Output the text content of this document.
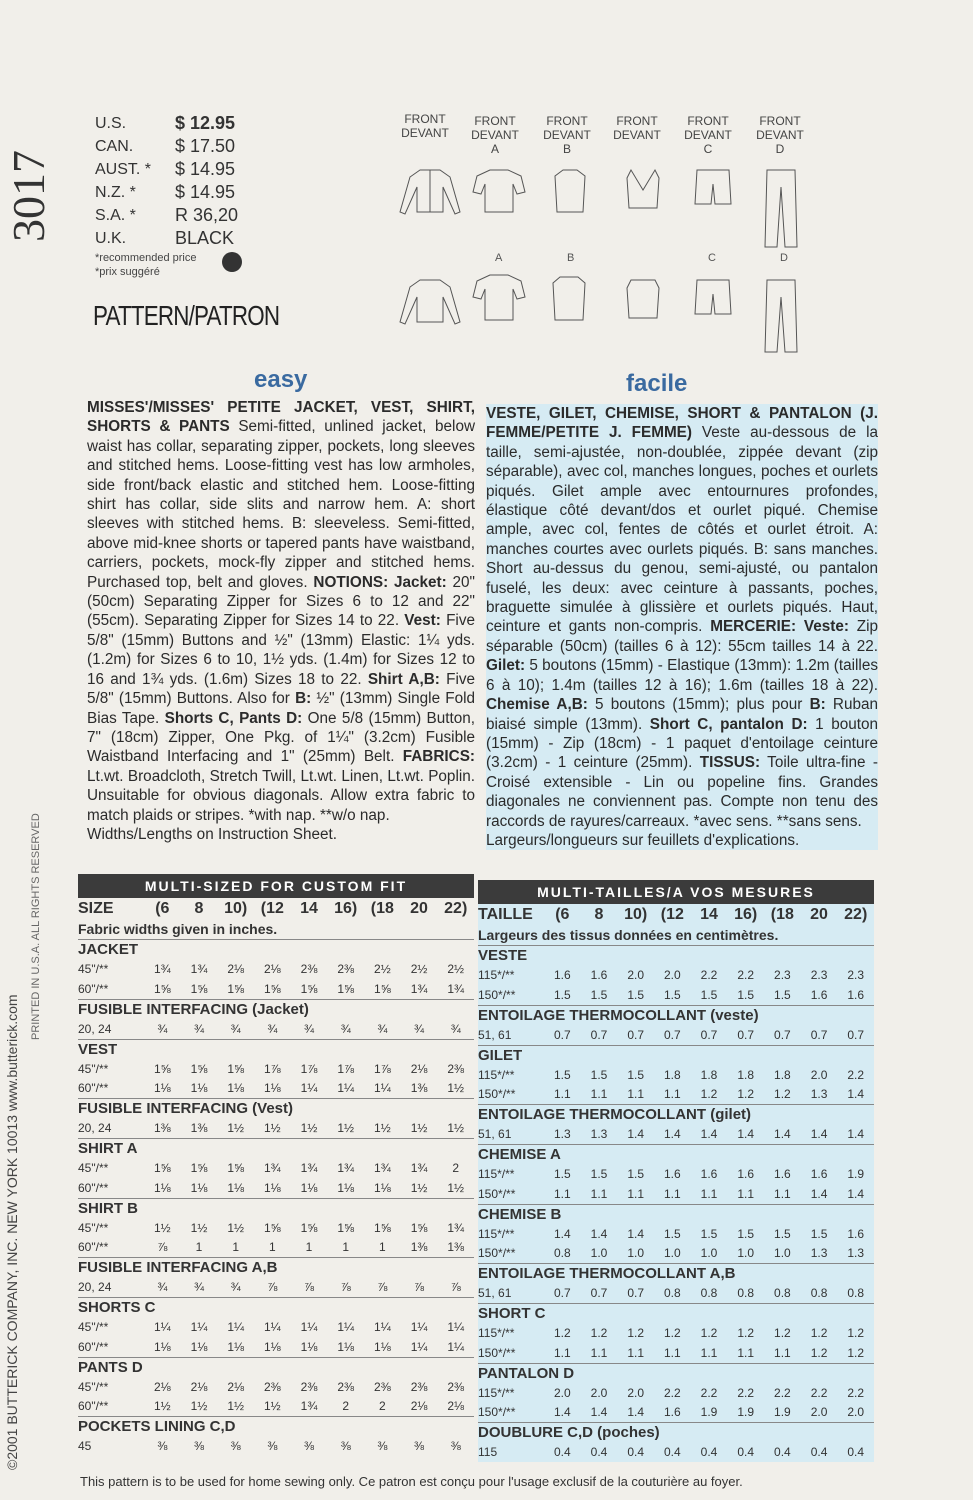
3017
©2001 BUTTERICK COMPANY, INC. NEW YORK 10013 www.butterick.com
PRINTED IN U.S.A. ALL RIGHTS RESERVED
U.S.	$ 12.95
CAN.	$ 17.50
AUST. *	$ 14.95
N.Z. *	$ 14.95
S.A. *	R 36,20
U.K.	BLACK
*recommended price
*prix suggéré
PATTERN/PATRON
FRONT
DEVANT
FRONT
DEVANT
A
FRONT
DEVANT
B
FRONT
DEVANT
FRONT
DEVANT
C
FRONT
DEVANT
D
A	B	C	D
easy	facile
MISSES'/MISSES' PETITE JACKET, VEST, SHIRT, SHORTS & PANTS Semi-fitted, unlined jacket, below waist has collar, separating zipper, pockets, long sleeves and stitched hems. Loose-fitting vest has low armholes, side front/back elastic and stitched hem. Loose-fitting shirt has collar, side slits and narrow hem. A: short sleeves with stitched hems. B: sleeveless. Semi-fitted, above mid-knee shorts or tapered pants have waistband, carriers, pockets, mock-fly zipper and stitched hems. Purchased top, belt and gloves. NOTIONS: Jacket: 20" (50cm) Separating Zipper for Sizes 6 to 12 and 22" (55cm). Separating Zipper for Sizes 14 to 22. Vest: Five 5/8" (15mm) Buttons and ½" (13mm) Elastic: 1¼ yds. (1.2m) for Sizes 6 to 10, 1½ yds. (1.4m) for Sizes 12 to 16 and 1¾ yds. (1.6m) Sizes 18 to 22. Shirt A,B: Five 5/8" (15mm) Buttons. Also for B: ½" (13mm) Single Fold Bias Tape. Shorts C, Pants D: One 5/8 (15mm) Button, 7" (18cm) Zipper, One Pkg. of 1¼" (3.2cm) Fusible Waistband Interfacing and 1" (25mm) Belt. FABRICS: Lt.wt. Broadcloth, Stretch Twill, Lt.wt. Linen, Lt.wt. Poplin. Unsuitable for obvious diagonals. Allow extra fabric to match plaids or stripes. *with nap. **w/o nap.
Widths/Lengths on Instruction Sheet.
VESTE, GILET, CHEMISE, SHORT & PANTALON (J. FEMME/PETITE J. FEMME) Veste au-dessous de la taille, semi-ajustée, non-doublée, zippée devant (zip séparable), avec col, manches longues, poches et ourlets piqués. Gilet ample avec entournures profondes, élastique côté devant/dos et ourlet piqué. Chemise ample, avec col, fentes de côtés et ourlet étroit. A: manches courtes avec ourlets piqués. B: sans manches. Short au-dessus du genou, semi-ajusté, ou pantalon fuselé, les deux: avec ceinture à passants, poches, braguette simulée à glissière et ourlets piqués. Haut, ceinture et gants non-compris. MERCERIE: Veste: Zip séparable (50cm) (tailles 6 à 12): 55cm tailles 14 à 22. Gilet: 5 boutons (15mm) - Elastique (13mm): 1.2m (tailles 6 à 10); 1.4m (tailles 12 à 16); 1.6m (tailles 18 à 22). Chemise A,B: 5 boutons (15mm); plus pour B: Ruban biaisé simple (13mm). Short C, pantalon D: 1 bouton (15mm) - Zip (18cm) - 1 paquet d'entoilage ceinture (3.2cm) - 1 ceinture (25mm). TISSUS: Toile ultra-fine - Croisé extensible - Lin ou popeline fins. Grandes diagonales ne conviennent pas. Compte non tenu des raccords de rayures/carreaux. *avec sens. **sans sens.
Largeurs/longueurs sur feuillets d'explications.
MULTI-SIZED FOR CUSTOM FIT
SIZE	(6	8	10) (12	14	16) (18	20	22)
Fabric widths given in inches.
JACKET
45"/**	1¾	1¾	2⅛	2⅛	2⅜	2⅜	2½	2½	2½
60"/**	1⅝	1⅝	1⅝	1⅝	1⅝	1⅝	1⅝	1¾	1¾
FUSIBLE INTERFACING (Jacket)
20, 24	¾	¾	¾	¾	¾	¾	¾	¾	¾
VEST
45"/**	1⅝	1⅝	1⅝	1⅞	1⅞	1⅞	1⅞	2⅛	2⅜
60"/**	1⅛	1⅛	1⅛	1⅛	1¼	1¼	1¼	1⅜	1½
FUSIBLE INTERFACING (Vest)
20, 24	1⅜	1⅜	1½	1½	1½	1½	1½	1½	1½
SHIRT A
45"/**	1⅝	1⅝	1⅝	1¾	1¾	1¾	1¾	1¾	2
60"/**	1⅛	1⅛	1⅛	1⅛	1⅛	1⅛	1⅛	1½	1½
SHIRT B
45"/**	1½	1½	1½	1⅝	1⅝	1⅝	1⅝	1⅝	1¾
60"/**	⅞	1	1	1	1	1	1	1⅜	1⅜
FUSIBLE INTERFACING A,B
20, 24	¾	¾	¾	⅞	⅞	⅞	⅞	⅞	⅞
SHORTS C
45"/**	1¼	1¼	1¼	1¼	1¼	1¼	1¼	1¼	1¼
60"/**	1⅛	1⅛	1⅛	1⅛	1⅛	1⅛	1⅛	1¼	1¼
PANTS D
45"/**	2⅛	2⅛	2⅛	2⅜	2⅜	2⅜	2⅜	2⅜	2⅜
60"/**	1½	1½	1½	1½	1¾	2	2	2⅛	2⅛
POCKETS LINING C,D
45	⅜	⅜	⅜	⅜	⅜	⅜	⅜	⅜	⅜
MULTI-TAILLES/A VOS MESURES
TAILLE	(6	8	10) (12	14	16) (18	20	22)
Largeurs des tissus données en centimètres.
VESTE
115*/**	1.6	1.6	2.0	2.0	2.2	2.2	2.3	2.3	2.3
150*/**	1.5	1.5	1.5	1.5	1.5	1.5	1.5	1.6	1.6
ENTOILAGE THERMOCOLLANT (veste)
51, 61	0.7	0.7	0.7	0.7	0.7	0.7	0.7	0.7	0.7
GILET
115*/**	1.5	1.5	1.5	1.8	1.8	1.8	1.8	2.0	2.2
150*/**	1.1	1.1	1.1	1.1	1.2	1.2	1.2	1.3	1.4
ENTOILAGE THERMOCOLLANT (gilet)
51, 61	1.3	1.3	1.4	1.4	1.4	1.4	1.4	1.4	1.4
CHEMISE A
115*/**	1.5	1.5	1.5	1.6	1.6	1.6	1.6	1.6	1.9
150*/**	1.1	1.1	1.1	1.1	1.1	1.1	1.1	1.4	1.4
CHEMISE B
115*/**	1.4	1.4	1.4	1.5	1.5	1.5	1.5	1.5	1.6
150*/**	0.8	1.0	1.0	1.0	1.0	1.0	1.0	1.3	1.3
ENTOILAGE THERMOCOLLANT A,B
51, 61	0.7	0.7	0.7	0.8	0.8	0.8	0.8	0.8	0.8
SHORT C
115*/**	1.2	1.2	1.2	1.2	1.2	1.2	1.2	1.2	1.2
150*/**	1.1	1.1	1.1	1.1	1.1	1.1	1.1	1.2	1.2
PANTALON D
115*/**	2.0	2.0	2.0	2.2	2.2	2.2	2.2	2.2	2.2
150*/**	1.4	1.4	1.4	1.6	1.9	1.9	1.9	2.0	2.0
DOUBLURE C,D (poches)
115	0.4	0.4	0.4	0.4	0.4	0.4	0.4	0.4	0.4
This pattern is to be used for home sewing only. Ce patron est conçu pour l'usage exclusif de la couturière au foyer.
